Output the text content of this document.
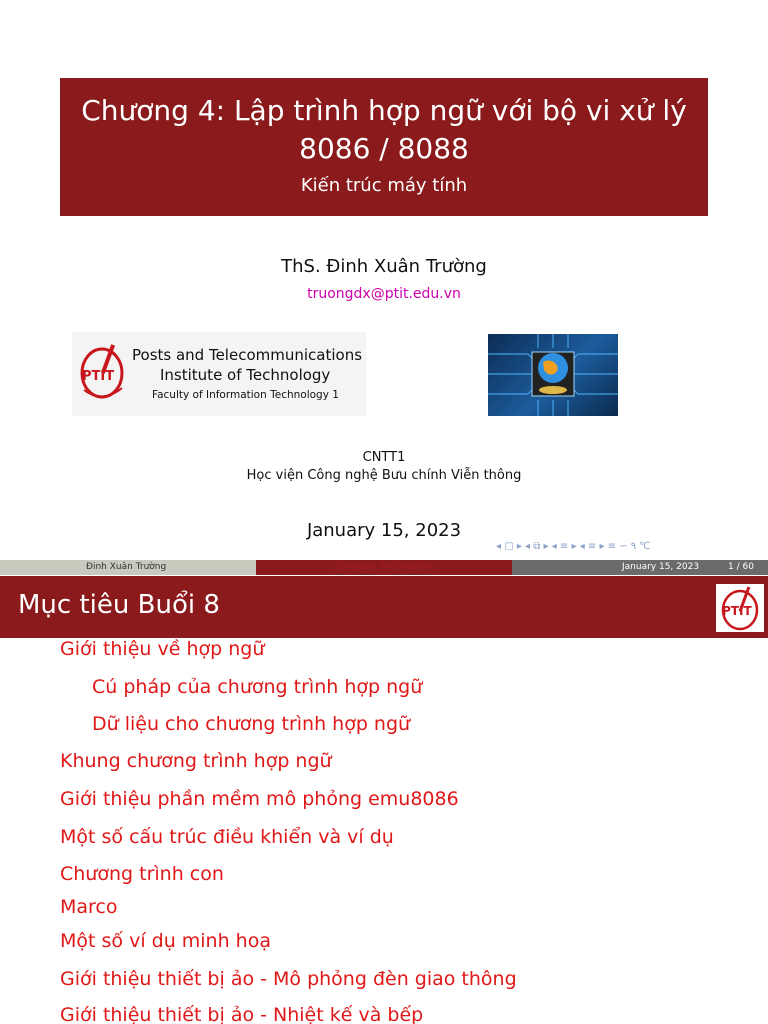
Chương 4: Lập trình hợp ngữ với bộ vi xử lý 8086 / 8088
Kiến trúc máy tính
ThS. Đinh Xuân Trường
truongdx@ptit.edu.vn
PTIT
Posts and Telecommunications
Institute of Technology
Faculty of Information Technology 1
CNTT1
Học viện Công nghệ Bưu chính Viễn thông
January 15, 2023
◂ ▢ ▸ ◂ ⧉ ▸ ◂ ≡ ▸ ◂ ≡ ▸ ≡ ∽ ۹ ℃
Đinh Xuân Trường	Computer Architecture	January 15, 2023	1 / 60
Mục tiêu Buổi 8	PTIT
Giới thiệu về hợp ngữ
Cú pháp của chương trình hợp ngữ
Dữ liệu cho chương trình hợp ngữ
Khung chương trình hợp ngữ
Giới thiệu phần mềm mô phỏng emu8086
Một số cấu trúc điều khiển và ví dụ
Chương trình con
Marco
Một số ví dụ minh hoạ
Giới thiệu thiết bị ảo - Mô phỏng đèn giao thông
Giới thiệu thiết bị ảo - Nhiệt kế và bếp
